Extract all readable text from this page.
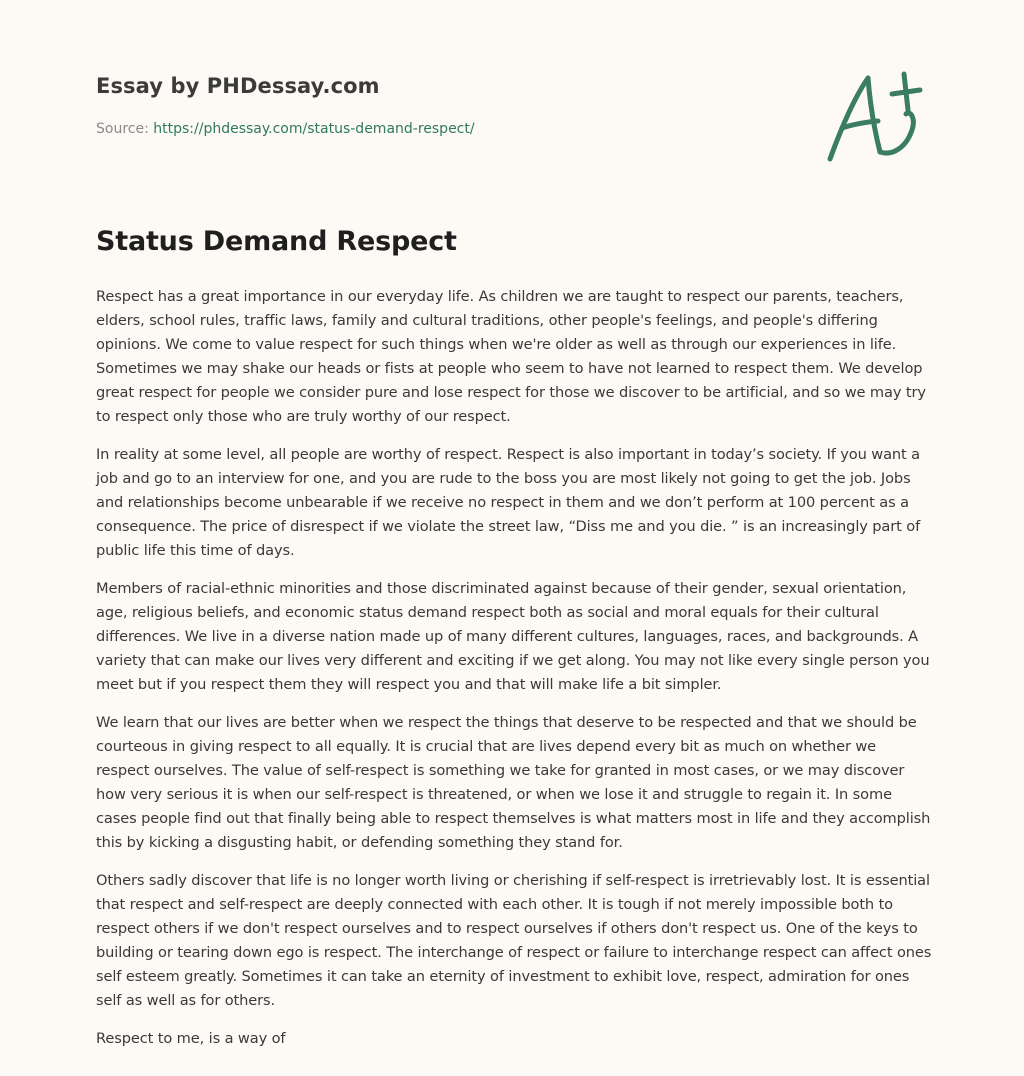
Essay by PHDessay.com
Source: https://phdessay.com/status-demand-respect/
Status Demand Respect

Respect has a great importance in our everyday life. As children we are taught to respect our parents, teachers, elders, school rules, traffic laws, family and cultural traditions, other people's feelings, and people's differing opinions. We come to value respect for such things when we're older as well as through our experiences in life. Sometimes we may shake our heads or fists at people who seem to have not learned to respect them. We develop great respect for people we consider pure and lose respect for those we discover to be artificial, and so we may try to respect only those who are truly worthy of our respect.

In reality at some level, all people are worthy of respect. Respect is also important in today’s society. If you want a job and go to an interview for one, and you are rude to the boss you are most likely not going to get the job. Jobs and relationships become unbearable if we receive no respect in them and we don’t perform at 100 percent as a consequence. The price of disrespect if we violate the street law, “Diss me and you die. ” is an increasingly part of public life this time of days.

Members of racial-ethnic minorities and those discriminated against because of their gender, sexual orientation, age, religious beliefs, and economic status demand respect both as social and moral equals for their cultural differences. We live in a diverse nation made up of many different cultures, languages, races, and backgrounds. A variety that can make our lives very different and exciting if we get along. You may not like every single person you meet but if you respect them they will respect you and that will make life a bit simpler.

We learn that our lives are better when we respect the things that deserve to be respected and that we should be courteous in giving respect to all equally. It is crucial that are lives depend every bit as much on whether we respect ourselves. The value of self-respect is something we take for granted in most cases, or we may discover how very serious it is when our self-respect is threatened, or when we lose it and struggle to regain it. In some cases people find out that finally being able to respect themselves is what matters most in life and they accomplish this by kicking a disgusting habit, or defending something they stand for.

Others sadly discover that life is no longer worth living or cherishing if self-respect is irretrievably lost. It is essential that respect and self-respect are deeply connected with each other. It is tough if not merely impossible both to respect others if we don't respect ourselves and to respect ourselves if others don't respect us. One of the keys to building or tearing down ego is respect. The interchange of respect or failure to interchange respect can affect ones self esteem greatly. Sometimes it can take an eternity of investment to exhibit love, respect, admiration for ones self as well as for others.

Respect to me, is a way of
